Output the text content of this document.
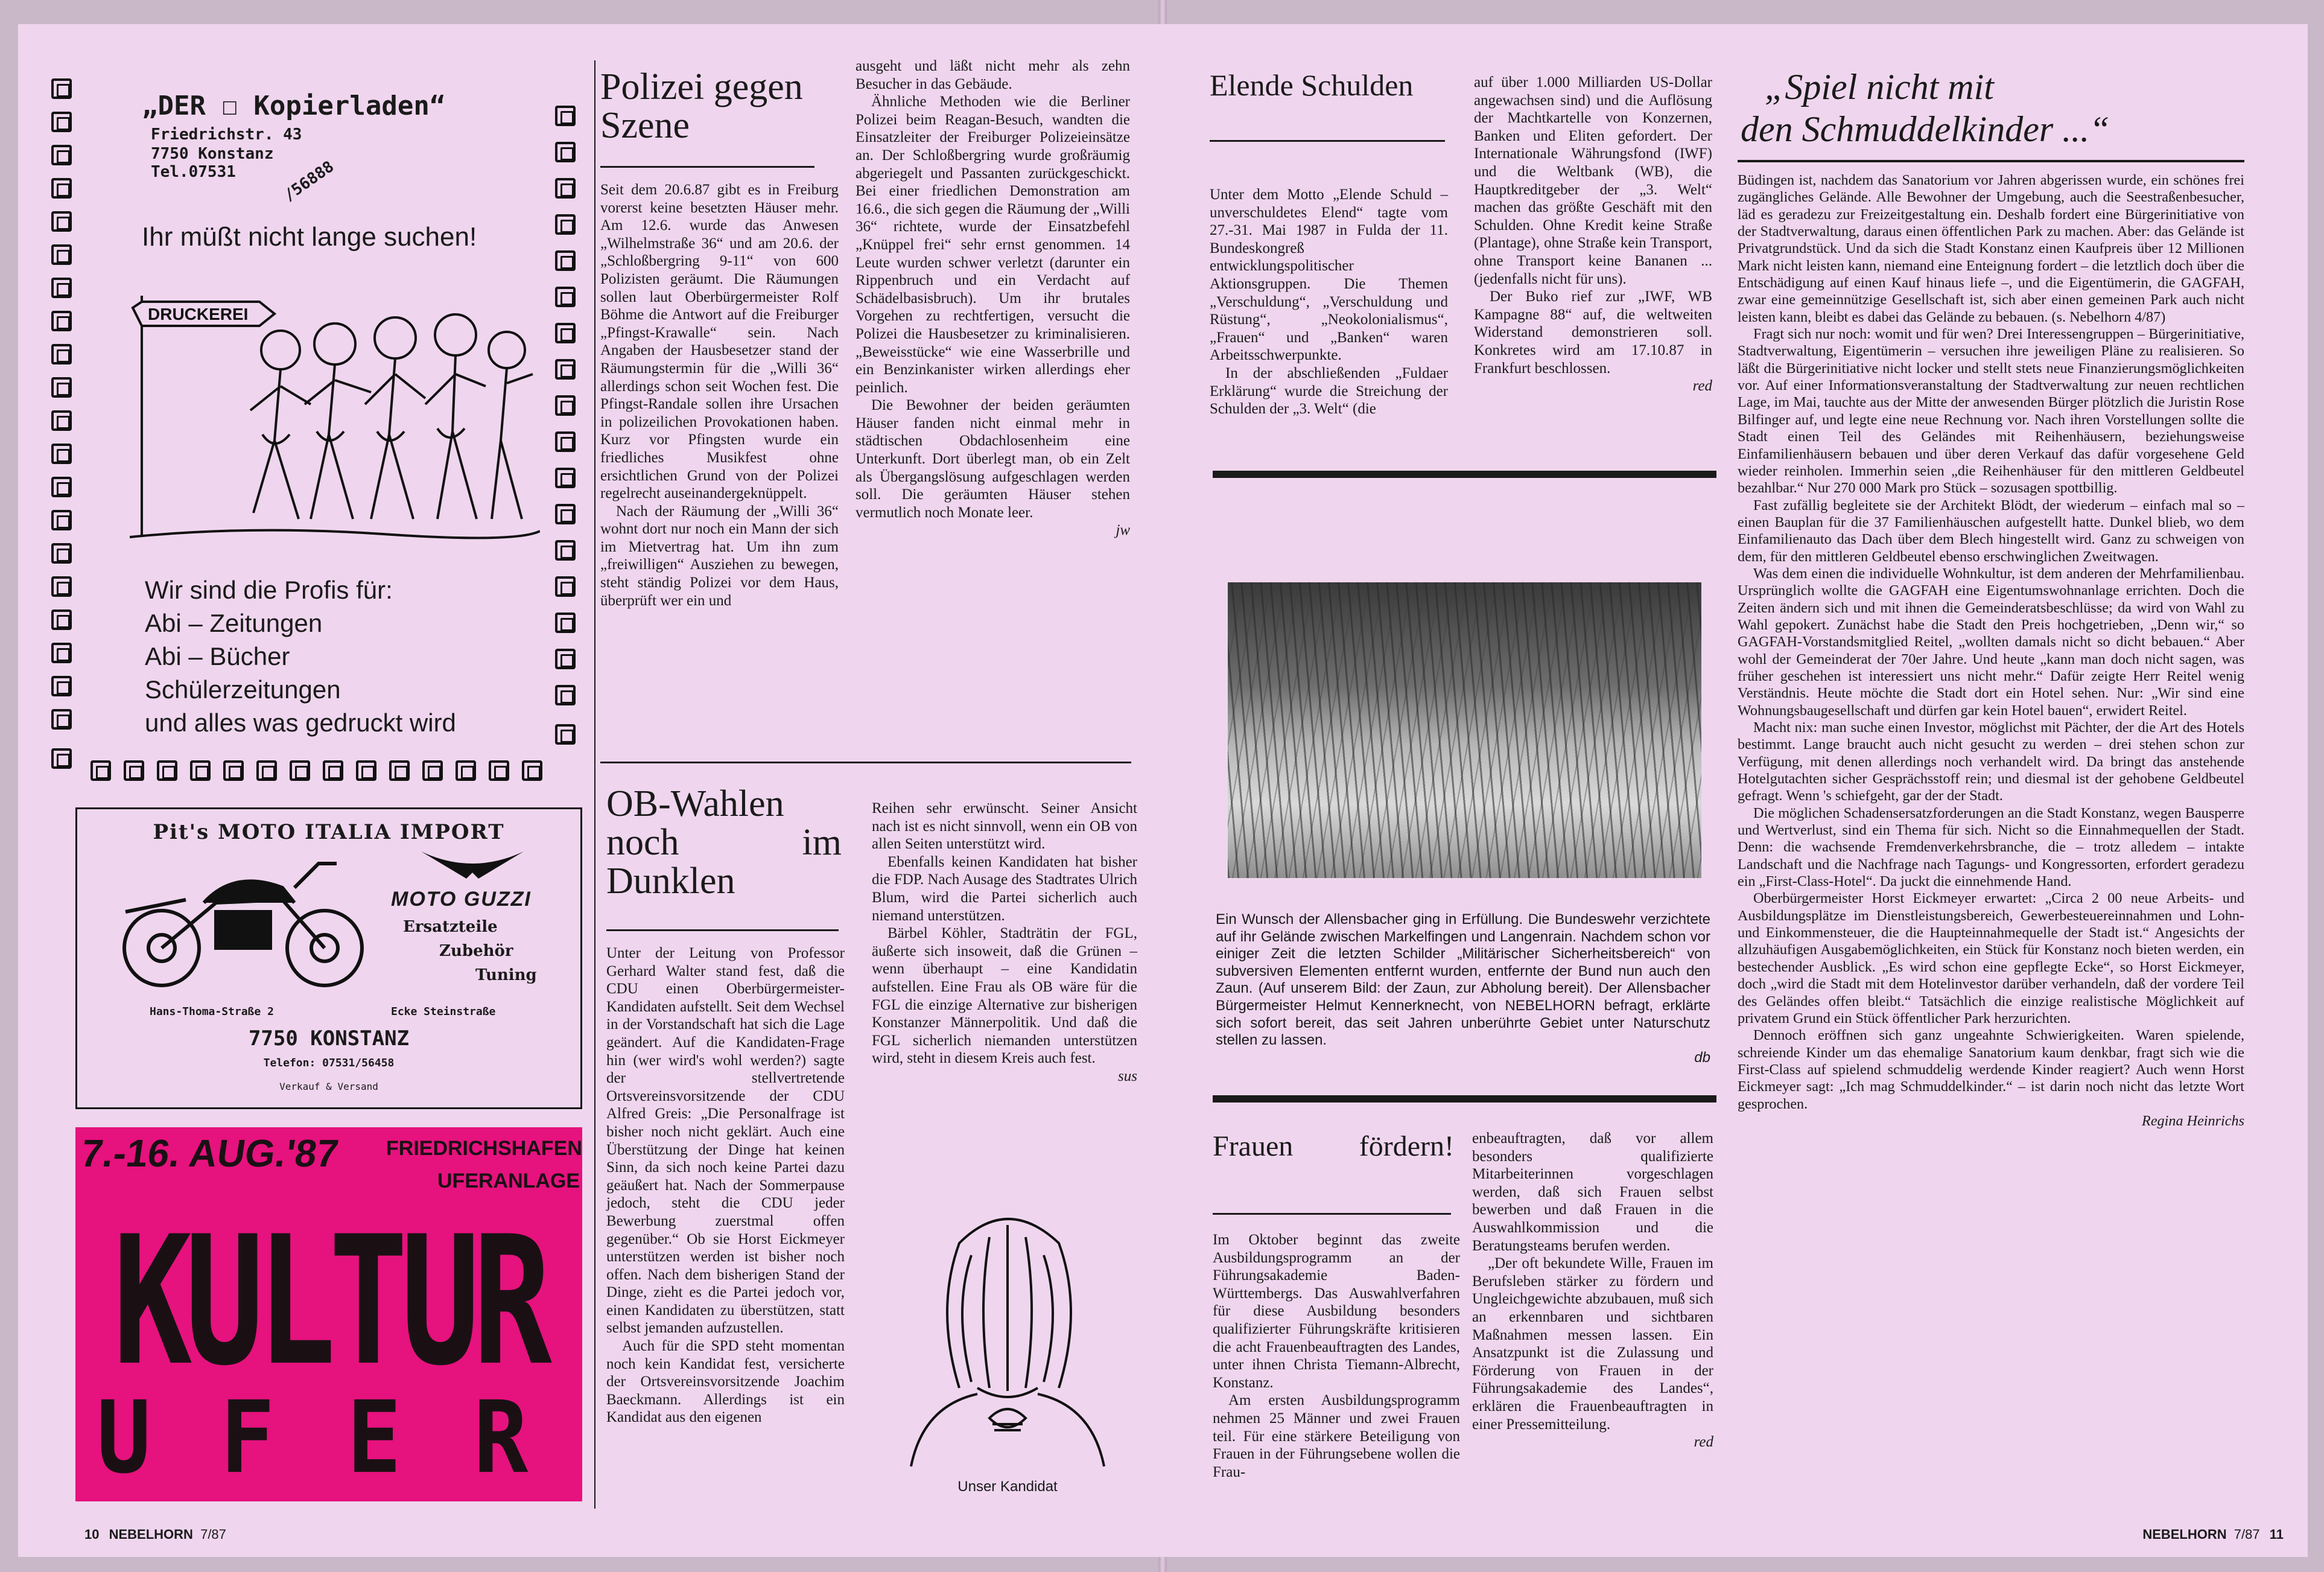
„DER ☐ Kopierladen“
Friedrichstr. 43
7750 Konstanz
Tel.07531	/56888
Ihr müßt nicht lange suchen!
DRUCKEREI
Wir sind die Profis für:
Abi – Zeitungen
Abi – Bücher
Schülerzeitungen
und alles was gedruckt wird
Pit's MOTO ITALIA IMPORT
MOTO GUZZI
Ersatzteile
Zubehör
Tuning
Hans-Thoma-Straße 2	Ecke Steinstraße
7750 KONSTANZ
Telefon: 07531/56458
Verkauf & Versand
7.-16. AUG.'87 FRIEDRICHSHAFEN
UFERANLAGE
KULTUR
U F E R
Polizei gegen Szene

Seit dem 20.6.87 gibt es in Freiburg vorerst keine besetzten Häuser mehr. Am 12.6. wurde das Anwesen „Wilhelmstraße 36“ und am 20.6. der „Schloßbergring 9-11“ von 600 Polizisten geräumt. Die Räumungen sollen laut Oberbürgermeister Rolf Böhme die Antwort auf die Freiburger „Pfingst-Krawalle“ sein. Nach Angaben der Hausbesetzer stand der Räumungstermin für die „Willi 36“ allerdings schon seit Wochen fest. Die Pfingst-Randale sollen ihre Ursachen in polizeilichen Provokationen haben. Kurz vor Pfingsten wurde ein friedliches Musikfest ohne ersichtlichen Grund von der Polizei regelrecht auseinandergeknüppelt.

Nach der Räumung der „Willi 36“ wohnt dort nur noch ein Mann der sich im Mietvertrag hat. Um ihn zum „freiwilligen“ Ausziehen zu bewegen, steht ständig Polizei vor dem Haus, überprüft wer ein und

ausgeht und läßt nicht mehr als zehn Besucher in das Gebäude.

Ähnliche Methoden wie die Berliner Polizei beim Reagan-Besuch, wandten die Einsatzleiter der Freiburger Polizeieinsätze an. Der Schloßbergring wurde großräumig abgeriegelt und Passanten zurückgeschickt. Bei einer friedlichen Demonstration am 16.6., die sich gegen die Räumung der „Willi 36“ richtete, wurde der Einsatzbefehl „Knüppel frei“ sehr ernst genommen. 14 Leute wurden schwer verletzt (darunter ein Rippenbruch und ein Verdacht auf Schädelbasisbruch). Um ihr brutales Vorgehen zu rechtfertigen, versucht die Polizei die Hausbesetzer zu kriminalisieren. „Beweisstücke“ wie eine Wasserbrille und ein Benzinkanister wirken allerdings eher peinlich.

Die Bewohner der beiden geräumten Häuser fanden nicht einmal mehr in städtischen Obdachlosenheim eine Unterkunft. Dort überlegt man, ob ein Zelt als Übergangslösung aufgeschlagen werden soll. Die geräumten Häuser stehen vermutlich noch Monate leer.

jw
OB-Wahlen noch im Dunklen

Unter der Leitung von Professor Gerhard Walter stand fest, daß die CDU einen Oberbürgermeister-Kandidaten aufstellt. Seit dem Wechsel in der Vorstandschaft hat sich die Lage geändert. Auf die Kandidaten-Frage hin (wer wird's wohl werden?) sagte der stellvertretende Ortsvereinsvorsitzende der CDU Alfred Greis: „Die Personalfrage ist bisher noch nicht geklärt. Auch eine Überstützung der Dinge hat keinen Sinn, da sich noch keine Partei dazu geäußert hat. Nach der Sommerpause jedoch, steht die CDU jeder Bewerbung zuerstmal offen gegenüber.“ Ob sie Horst Eickmeyer unterstützen werden ist bisher noch offen. Nach dem bisherigen Stand der Dinge, zieht es die Partei jedoch vor, einen Kandidaten zu überstützen, statt selbst jemanden aufzustellen.

Auch für die SPD steht momentan noch kein Kandidat fest, versicherte der Ortsvereinsvorsitzende Joachim Baeckmann. Allerdings ist ein Kandidat aus den eigenen

Reihen sehr erwünscht. Seiner Ansicht nach ist es nicht sinnvoll, wenn ein OB von allen Seiten unterstützt wird.

Ebenfalls keinen Kandidaten hat bisher die FDP. Nach Ausage des Stadtrates Ulrich Blum, wird die Partei sicherlich auch niemand unterstützen.

Bärbel Köhler, Stadträtin der FGL, äußerte sich insoweit, daß die Grünen – wenn überhaupt – eine Kandidatin aufstellen. Eine Frau als OB wäre für die FGL die einzige Alternative zur bisherigen Konstanzer Männerpolitik. Und daß die FGL sicherlich niemanden unterstützen wird, steht in diesem Kreis auch fest.

sus
Unser Kandidat
10 NEBELHORN 7/87
Elende Schulden

Unter dem Motto „Elende Schuld – unverschuldetes Elend“ tagte vom 27.-31. Mai 1987 in Fulda der 11. Bundeskongreß entwicklungspolitischer Aktionsgruppen. Die Themen „Verschuldung“, „Verschuldung und Rüstung“, „Neokolonialismus“, „Frauen“ und „Banken“ waren Arbeitsschwerpunkte.

In der abschließenden „Fuldaer Erklärung“ wurde die Streichung der Schulden der „3. Welt“ (die

auf über 1.000 Milliarden US-Dollar angewachsen sind) und die Auflösung der Machtkartelle von Konzernen, Banken und Eliten gefordert. Der Internationale Währungsfond (IWF) und die Weltbank (WB), die Hauptkreditgeber der „3. Welt“ machen das größte Geschäft mit den Schulden. Ohne Kredit keine Straße (Plantage), ohne Straße kein Transport, ohne Transport keine Bananen ... (jedenfalls nicht für uns).

Der Buko rief zur „IWF, WB Kampagne 88“ auf, die weltweiten Widerstand demonstrieren soll. Konkretes wird am 17.10.87 in Frankfurt beschlossen.

red
Ein Wunsch der Allensbacher ging in Erfüllung. Die Bundeswehr verzichtete auf ihr Gelände zwischen Markelfingen und Langenrain. Nachdem schon vor einiger Zeit die letzten Schilder „Militärischer Sicherheitsbereich“ von subversiven Elementen entfernt wurden, entfernte der Bund nun auch den Zaun. (Auf unserem Bild: der Zaun, zur Abholung bereit). Der Allensbacher Bürgermeister Helmut Kennerknecht, von NEBELHORN befragt, erklärte sich sofort bereit, das seit Jahren unberührte Gebiet unter Naturschutz stellen zu lassen.
db
Frauen fördern!

Im Oktober beginnt das zweite Ausbildungsprogramm an der Führungsakademie Baden-Württembergs. Das Auswahlverfahren für diese Ausbildung besonders qualifizierter Führungskräfte kritisieren die acht Frauenbeauftragten des Landes, unter ihnen Christa Tiemann-Albrecht, Konstanz.

Am ersten Ausbildungsprogramm nehmen 25 Männer und zwei Frauen teil. Für eine stärkere Beteiligung von Frauen in der Führungsebene wollen die Frau-

enbeauftragten, daß vor allem besonders qualifizierte Mitarbeiterinnen vorgeschlagen werden, daß sich Frauen selbst bewerben und daß Frauen in die Auswahlkommission und die Beratungsteams berufen werden.

„Der oft bekundete Wille, Frauen im Berufsleben stärker zu fördern und Ungleichgewichte abzubauen, muß sich an erkennbaren und sichtbaren Maßnahmen messen lassen. Ein Ansatzpunkt ist die Zulassung und Förderung von Frauen in der Führungsakademie des Landes“, erklären die Frauenbeauftragten in einer Pressemitteilung.

red
„Spiel nicht mit
den Schmuddelkinder ...“

Büdingen ist, nachdem das Sanatorium vor Jahren abgerissen wurde, ein schönes frei zugängliches Gelände. Alle Bewohner der Umgebung, auch die Seestraßenbesucher, läd es geradezu zur Freizeitgestaltung ein. Deshalb fordert eine Bürgerinitiative von der Stadtverwaltung, daraus einen öffentlichen Park zu machen. Aber: das Gelände ist Privatgrundstück. Und da sich die Stadt Konstanz einen Kaufpreis über 12 Millionen Mark nicht leisten kann, niemand eine Enteignung fordert – die letztlich doch über die Entschädigung auf einen Kauf hinaus liefe –, und die Eigentümerin, die GAGFAH, zwar eine gemeinnützige Gesellschaft ist, sich aber einen gemeinen Park auch nicht leisten kann, bleibt es dabei das Gelände zu bebauen. (s. Nebelhorn 4/87)

Fragt sich nur noch: womit und für wen? Drei Interessengruppen – Bürgerinitiative, Stadtverwaltung, Eigentümerin – versuchen ihre jeweiligen Pläne zu realisieren. So läßt die Bürgerinitiative nicht locker und stellt stets neue Finanzierungsmöglichkeiten vor. Auf einer Informationsveranstaltung der Stadtverwaltung zur neuen rechtlichen Lage, im Mai, tauchte aus der Mitte der anwesenden Bürger plötzlich die Juristin Rose Bilfinger auf, und legte eine neue Rechnung vor. Nach ihren Vorstellungen sollte die Stadt einen Teil des Geländes mit Reihenhäusern, beziehungsweise Einfamilienhäusern bebauen und über deren Verkauf das dafür vorgesehene Geld wieder reinholen. Immerhin seien „die Reihenhäuser für den mittleren Geldbeutel bezahlbar.“ Nur 270 000 Mark pro Stück – sozusagen spottbillig.

Fast zufällig begleitete sie der Architekt Blödt, der wiederum – einfach mal so – einen Bauplan für die 37 Familienhäuschen aufgestellt hatte. Dunkel blieb, wo dem Einfamilienauto das Dach über dem Blech hingestellt wird. Ganz zu schweigen von dem, für den mittleren Geldbeutel ebenso erschwinglichen Zweitwagen.

Was dem einen die individuelle Wohnkultur, ist dem anderen der Mehrfamilienbau. Ursprünglich wollte die GAGFAH eine Eigentumswohnanlage errichten. Doch die Zeiten ändern sich und mit ihnen die Gemeinderatsbeschlüsse; da wird von Wahl zu Wahl gepokert. Zunächst habe die Stadt den Preis hochgetrieben, „Denn wir,“ so GAGFAH-Vorstandsmitglied Reitel, „wollten damals nicht so dicht bebauen.“ Aber wohl der Gemeinderat der 70er Jahre. Und heute „kann man doch nicht sagen, was früher geschehen ist interessiert uns nicht mehr.“ Dafür zeigte Herr Reitel wenig Verständnis. Heute möchte die Stadt dort ein Hotel sehen. Nur: „Wir sind eine Wohnungsbaugesellschaft und dürfen gar kein Hotel bauen“, erwidert Reitel.

Macht nix: man suche einen Investor, möglichst mit Pächter, der die Art des Hotels bestimmt. Lange braucht auch nicht gesucht zu werden – drei stehen schon zur Verfügung, mit denen allerdings noch verhandelt wird. Da bringt das anstehende Hotelgutachten sicher Gesprächsstoff rein; und diesmal ist der gehobene Geldbeutel gefragt. Wenn 's schiefgeht, gar der der Stadt.

Die möglichen Schadensersatzforderungen an die Stadt Konstanz, wegen Bausperre und Wertverlust, sind ein Thema für sich. Nicht so die Einnahmequellen der Stadt. Denn: die wachsende Fremdenverkehrsbranche, die – trotz alledem – intakte Landschaft und die Nachfrage nach Tagungs- und Kongressorten, erfordert geradezu ein „First-Class-Hotel“. Da juckt die einnehmende Hand.

Oberbürgermeister Horst Eickmeyer erwartet: „Circa 2 00 neue Arbeits- und Ausbildungsplätze im Dienstleistungsbereich, Gewerbesteuereinnahmen und Lohn- und Einkommensteuer, die die Haupteinnahmequelle der Stadt ist.“ Angesichts der allzuhäufigen Ausgabemöglichkeiten, ein Stück für Konstanz noch bieten werden, ein bestechender Ausblick. „Es wird schon eine gepflegte Ecke“, so Horst Eickmeyer, doch „wird die Stadt mit dem Hotelinvestor darüber verhandeln, daß der vordere Teil des Geländes offen bleibt.“ Tatsächlich die einzige realistische Möglichkeit auf privatem Grund ein Stück öffentlicher Park herzurichten.

Dennoch eröffnen sich ganz ungeahnte Schwierigkeiten. Waren spielende, schreiende Kinder um das ehemalige Sanatorium kaum denkbar, fragt sich wie die First-Class auf spielend schmuddelig werdende Kinder reagiert? Auch wenn Horst Eickmeyer sagt: „Ich mag Schmuddelkinder.“ – ist darin noch nicht das letzte Wort gesprochen.

Regina Heinrichs
NEBELHORN 7/87 11
